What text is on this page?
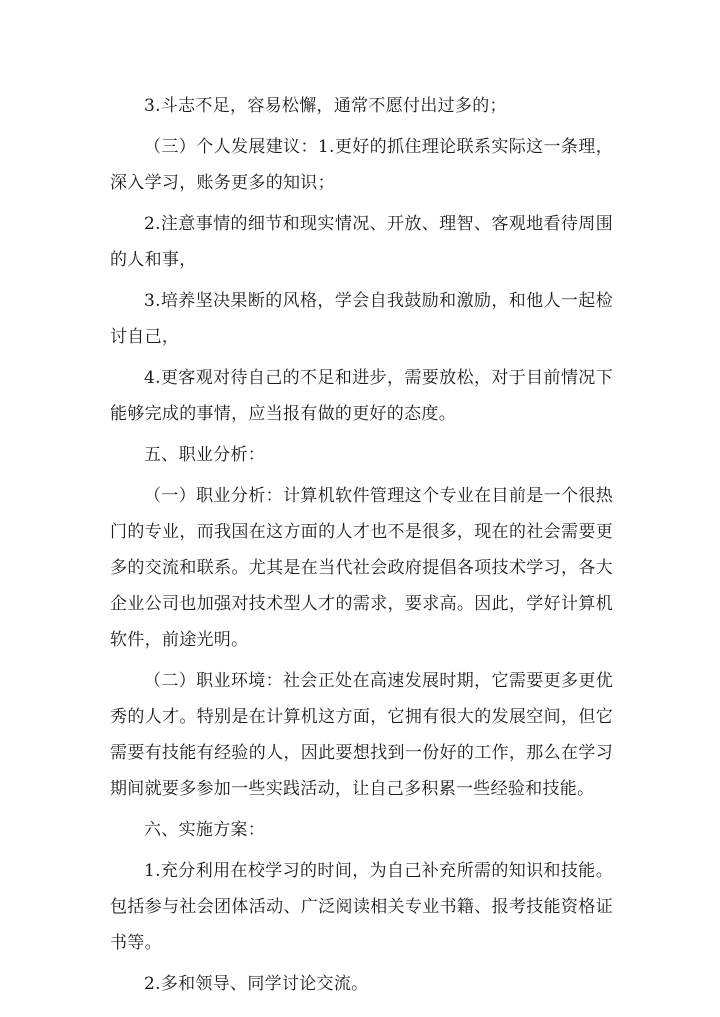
3.斗志不足，容易松懈，通常不愿付出过多的；

（三）个人发展建议：1.更好的抓住理论联系实际这一条理，深入学习，账务更多的知识；

2.注意事情的细节和现实情况、开放、理智、客观地看待周围的人和事，

3.培养坚决果断的风格，学会自我鼓励和激励，和他人一起检讨自己，

4.更客观对待自己的不足和进步，需要放松，对于目前情况下能够完成的事情，应当报有做的更好的态度。

五、职业分析：

（一）职业分析：计算机软件管理这个专业在目前是一个很热门的专业，而我国在这方面的人才也不是很多，现在的社会需要更多的交流和联系。尤其是在当代社会政府提倡各项技术学习，各大企业公司也加强对技术型人才的需求，要求高。因此，学好计算机软件，前途光明。

（二）职业环境：社会正处在高速发展时期，它需要更多更优秀的人才。特别是在计算机这方面，它拥有很大的发展空间，但它需要有技能有经验的人，因此要想找到一份好的工作，那么在学习期间就要多参加一些实践活动，让自己多积累一些经验和技能。

六、实施方案：

1.充分利用在校学习的时间，为自己补充所需的知识和技能。包括参与社会团体活动、广泛阅读相关专业书籍、报考技能资格证书等。

2.多和领导、同学讨论交流。
